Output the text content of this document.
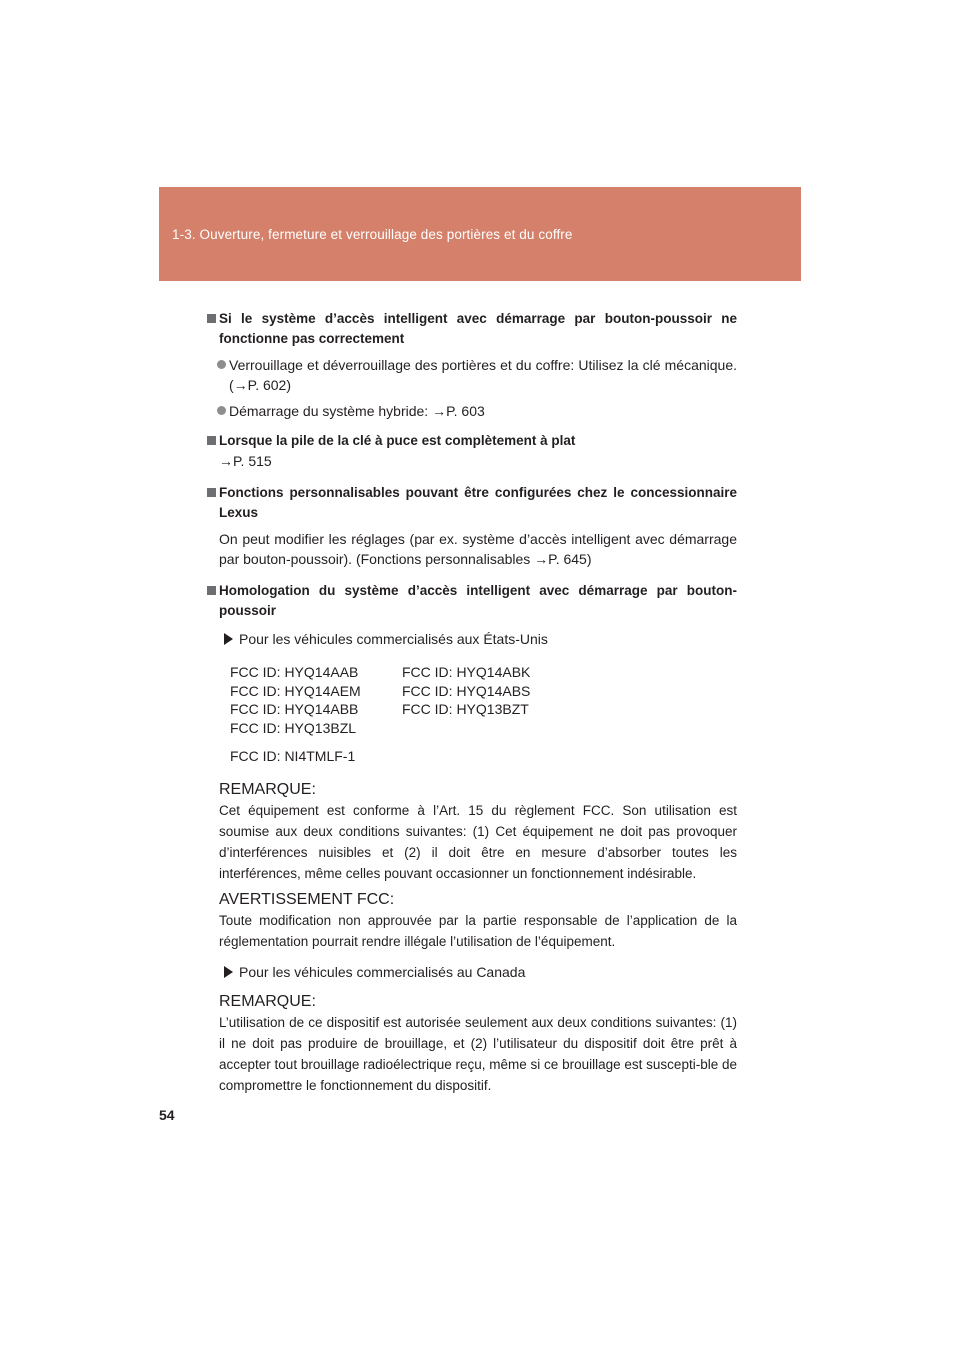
1-3. Ouverture, fermeture et verrouillage des portières et du coffre
Si le système d’accès intelligent avec démarrage par bouton-poussoir ne fonctionne pas correctement
Verrouillage et déverrouillage des portières et du coffre: Utilisez la clé mécanique. (→P. 602)
Démarrage du système hybride: →P. 603
Lorsque la pile de la clé à puce est complètement à plat
→P. 515
Fonctions personnalisables pouvant être configurées chez le concessionnaire Lexus
On peut modifier les réglages (par ex. système d’accès intelligent avec démarrage par bouton-poussoir). (Fonctions personnalisables →P. 645)
Homologation du système d’accès intelligent avec démarrage par bouton-poussoir
Pour les véhicules commercialisés aux États-Unis
FCC ID: HYQ14AAB
FCC ID: HYQ14AEM
FCC ID: HYQ14ABB
FCC ID: HYQ13BZL
FCC ID: HYQ14ABK
FCC ID: HYQ14ABS
FCC ID: HYQ13BZT
FCC ID: NI4TMLF-1
REMARQUE:
Cet équipement est conforme à l’Art. 15 du règlement FCC. Son utilisation est soumise aux deux conditions suivantes: (1) Cet équipement ne doit pas provoquer d’interférences nuisibles et (2) il doit être en mesure d’absorber toutes les interférences, même celles pouvant occasionner un fonctionnement indésirable.
AVERTISSEMENT FCC:
Toute modification non approuvée par la partie responsable de l’application de la réglementation pourrait rendre illégale l’utilisation de l’équipement.
Pour les véhicules commercialisés au Canada
REMARQUE:
L’utilisation de ce dispositif est autorisée seulement aux deux conditions suivantes: (1) il ne doit pas produire de brouillage, et (2) l’utilisateur du dispositif doit être prêt à accepter tout brouillage radioélectrique reçu, même si ce brouillage est suscepti-ble de compromettre le fonctionnement du dispositif.
54
